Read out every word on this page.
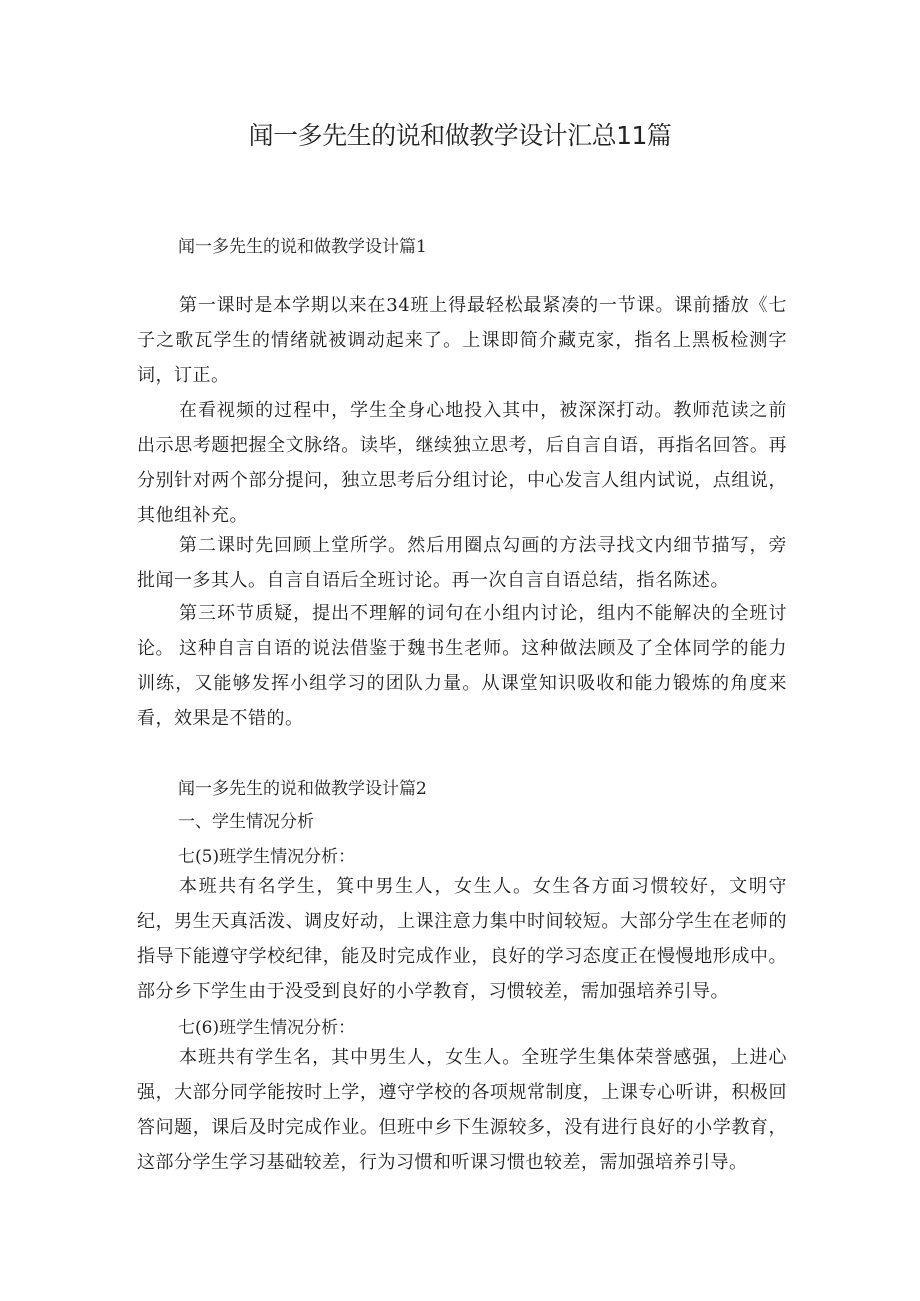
闻一多先生的说和做教学设计汇总11篇
闻一多先生的说和做教学设计篇1
第一课时是本学期以来在34班上得最轻松最紧凑的一节课。课前播放《七子之歌瓦学生的情绪就被调动起来了。上课即简介藏克家，指名上黑板检测字词，订正。
在看视频的过程中，学生全身心地投入其中，被深深打动。教师范读之前出示思考题把握全文脉络。读毕，继续独立思考，后自言自语，再指名回答。再分别针对两个部分提问，独立思考后分组讨论，中心发言人组内试说，点组说，其他组补充。
第二课时先回顾上堂所学。然后用圈点勾画的方法寻找文内细节描写，旁批闻一多其人。自言自语后全班讨论。再一次自言自语总结，指名陈述。
第三环节质疑，提出不理解的词句在小组内讨论，组内不能解决的全班讨论。 这种自言自语的说法借鉴于魏书生老师。这种做法顾及了全体同学的能力训练，又能够发挥小组学习的团队力量。从课堂知识吸收和能力锻炼的角度来看，效果是不错的。
闻一多先生的说和做教学设计篇2
一、学生情况分析
七(5)班学生情况分析：
本班共有名学生，箕中男生人，女生人。女生各方面习惯较好，文明守纪，男生天真活泼、调皮好动，上课注意力集中时间较短。大部分学生在老师的指导下能遵守学校纪律，能及时完成作业，良好的学习态度正在慢慢地形成中。部分乡下学生由于没受到良好的小学教育，习惯较差，需加强培养引导。
七(6)班学生情况分析：
本班共有学生名，其中男生人，女生人。全班学生集体荣誉感强，上进心强，大部分同学能按时上学，遵守学校的各项规常制度，上课专心听讲，积极回答问题，课后及时完成作业。但班中乡下生源较多，没有进行良好的小学教育，这部分学生学习基础较差，行为习惯和听课习惯也较差，需加强培养引导。
